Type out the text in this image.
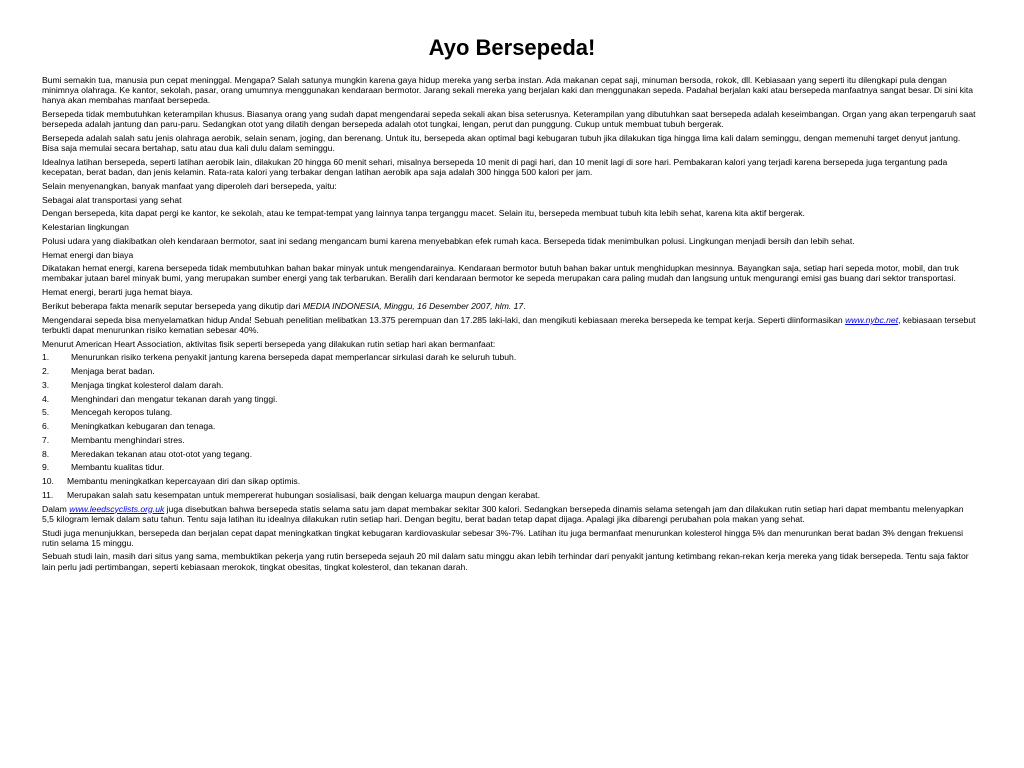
Ayo Bersepeda!

Bumi semakin tua, manusia pun cepat meninggal. Mengapa? Salah satunya mungkin karena gaya hidup mereka yang serba instan. Ada makanan cepat saji, minuman bersoda, rokok, dll. Kebiasaan yang seperti itu dilengkapi pula dengan minimnya olahraga. Ke kantor, sekolah, pasar, orang umumnya menggunakan kendaraan bermotor. Jarang sekali mereka yang berjalan kaki dan menggunakan sepeda. Padahal berjalan kaki atau bersepeda manfaatnya sangat besar. Di sini kita hanya akan membahas manfaat bersepeda.

Bersepeda tidak membutuhkan keterampilan khusus. Biasanya orang yang sudah dapat mengendarai sepeda sekali akan bisa seterusnya. Keterampilan yang dibutuhkan saat bersepeda adalah keseimbangan. Organ yang akan terpengaruh saat bersepeda adalah jantung dan paru-paru. Sedangkan otot yang dilatih dengan bersepeda adalah otot tungkai, lengan, perut dan punggung. Cukup untuk membuat tubuh bergerak.

Bersepeda adalah salah satu jenis olahraga aerobik, selain senam, joging, dan berenang. Untuk itu, bersepeda akan optimal bagi kebugaran tubuh jika dilakukan tiga hingga lima kali dalam seminggu, dengan memenuhi target denyut jantung. Bisa saja memulai secara bertahap, satu atau dua kali dulu dalam seminggu.

Idealnya latihan bersepeda, seperti latihan aerobik lain, dilakukan 20 hingga 60 menit sehari, misalnya bersepeda 10 menit di pagi hari, dan 10 menit lagi di sore hari. Pembakaran kalori yang terjadi karena bersepeda juga tergantung pada kecepatan, berat badan, dan jenis kelamin. Rata-rata kalori yang terbakar dengan latihan aerobik apa saja adalah 300 hingga 500 kalori per jam.

Selain menyenangkan, banyak manfaat yang diperoleh dari bersepeda, yaitu:

Sebagai alat transportasi yang sehat

Dengan bersepeda, kita dapat pergi ke kantor, ke sekolah, atau ke tempat-tempat yang lainnya tanpa terganggu macet. Selain itu, bersepeda membuat tubuh kita lebih sehat, karena kita aktif bergerak.

Kelestarian lingkungan

Polusi udara yang diakibatkan oleh kendaraan bermotor, saat ini sedang mengancam bumi karena menyebabkan efek rumah kaca. Bersepeda tidak menimbulkan polusi. Lingkungan menjadi bersih dan lebih sehat.

Hemat energi dan biaya

Dikatakan hemat energi, karena bersepeda tidak membutuhkan bahan bakar minyak untuk mengendarainya. Kendaraan bermotor butuh bahan bakar untuk menghidupkan mesinnya. Bayangkan saja, setiap hari sepeda motor, mobil, dan truk membakar jutaan barel minyak bumi, yang merupakan sumber energi yang tak terbarukan. Beralih dari kendaraan bermotor ke sepeda merupakan cara paling mudah dan langsung untuk mengurangi emisi gas buang dari sektor transportasi.

Hemat energi, berarti juga hemat biaya.

Berikut beberapa fakta menarik seputar bersepeda yang dikutip dari MEDIA INDONESIA, Minggu, 16 Desember 2007, hlm. 17.

Mengendarai sepeda bisa menyelamatkan hidup Anda! Sebuah penelitian melibatkan 13.375 perempuan dan 17.285 laki-laki, dan mengikuti kebiasaan mereka bersepeda ke tempat kerja. Seperti diinformasikan www.nybc.net, kebiasaan tersebut terbukti dapat menurunkan risiko kematian sebesar 40%.

Menurut American Heart Association, aktivitas fisik seperti bersepeda yang dilakukan rutin setiap hari akan bermanfaat:

1.	Menurunkan risiko terkena penyakit jantung karena bersepeda dapat memperlancar sirkulasi darah ke seluruh tubuh.
2.	Menjaga berat badan.
3.	Menjaga tingkat kolesterol dalam darah.
4.	Menghindari dan mengatur tekanan darah yang tinggi.
5.	Mencegah keropos tulang.
6.	Meningkatkan kebugaran dan tenaga.
7.	Membantu menghindari stres.
8.	Meredakan tekanan atau otot-otot yang tegang.
9.	Membantu kualitas tidur.
10.	Membantu meningkatkan kepercayaan diri dan sikap optimis.
11.	Merupakan salah satu kesempatan untuk mempererat hubungan sosialisasi, baik dengan keluarga maupun dengan kerabat.

Dalam www.leedscyclists.org.uk juga disebutkan bahwa bersepeda statis selama satu jam dapat membakar sekitar 300 kalori. Sedangkan bersepeda dinamis selama setengah jam dan dilakukan rutin setiap hari dapat membantu melenyapkan 5,5 kilogram lemak dalam satu tahun. Tentu saja latihan itu idealnya dilakukan rutin setiap hari. Dengan begitu, berat badan tetap dapat dijaga. Apalagi jika dibarengi perubahan pola makan yang sehat.

Studi juga menunjukkan, bersepeda dan berjalan cepat dapat meningkatkan tingkat kebugaran kardiovaskular sebesar 3%-7%. Latihan itu juga bermanfaat menurunkan kolesterol hingga 5% dan menurunkan berat badan 3% dengan frekuensi rutin selama 15 minggu.

Sebuah studi lain, masih dari situs yang sama, membuktikan pekerja yang rutin bersepeda sejauh 20 mil dalam satu minggu akan lebih terhindar dari penyakit jantung ketimbang rekan-rekan kerja mereka yang tidak bersepeda. Tentu saja faktor lain perlu jadi pertimbangan, seperti kebiasaan merokok, tingkat obesitas, tingkat kolesterol, dan tekanan darah.
